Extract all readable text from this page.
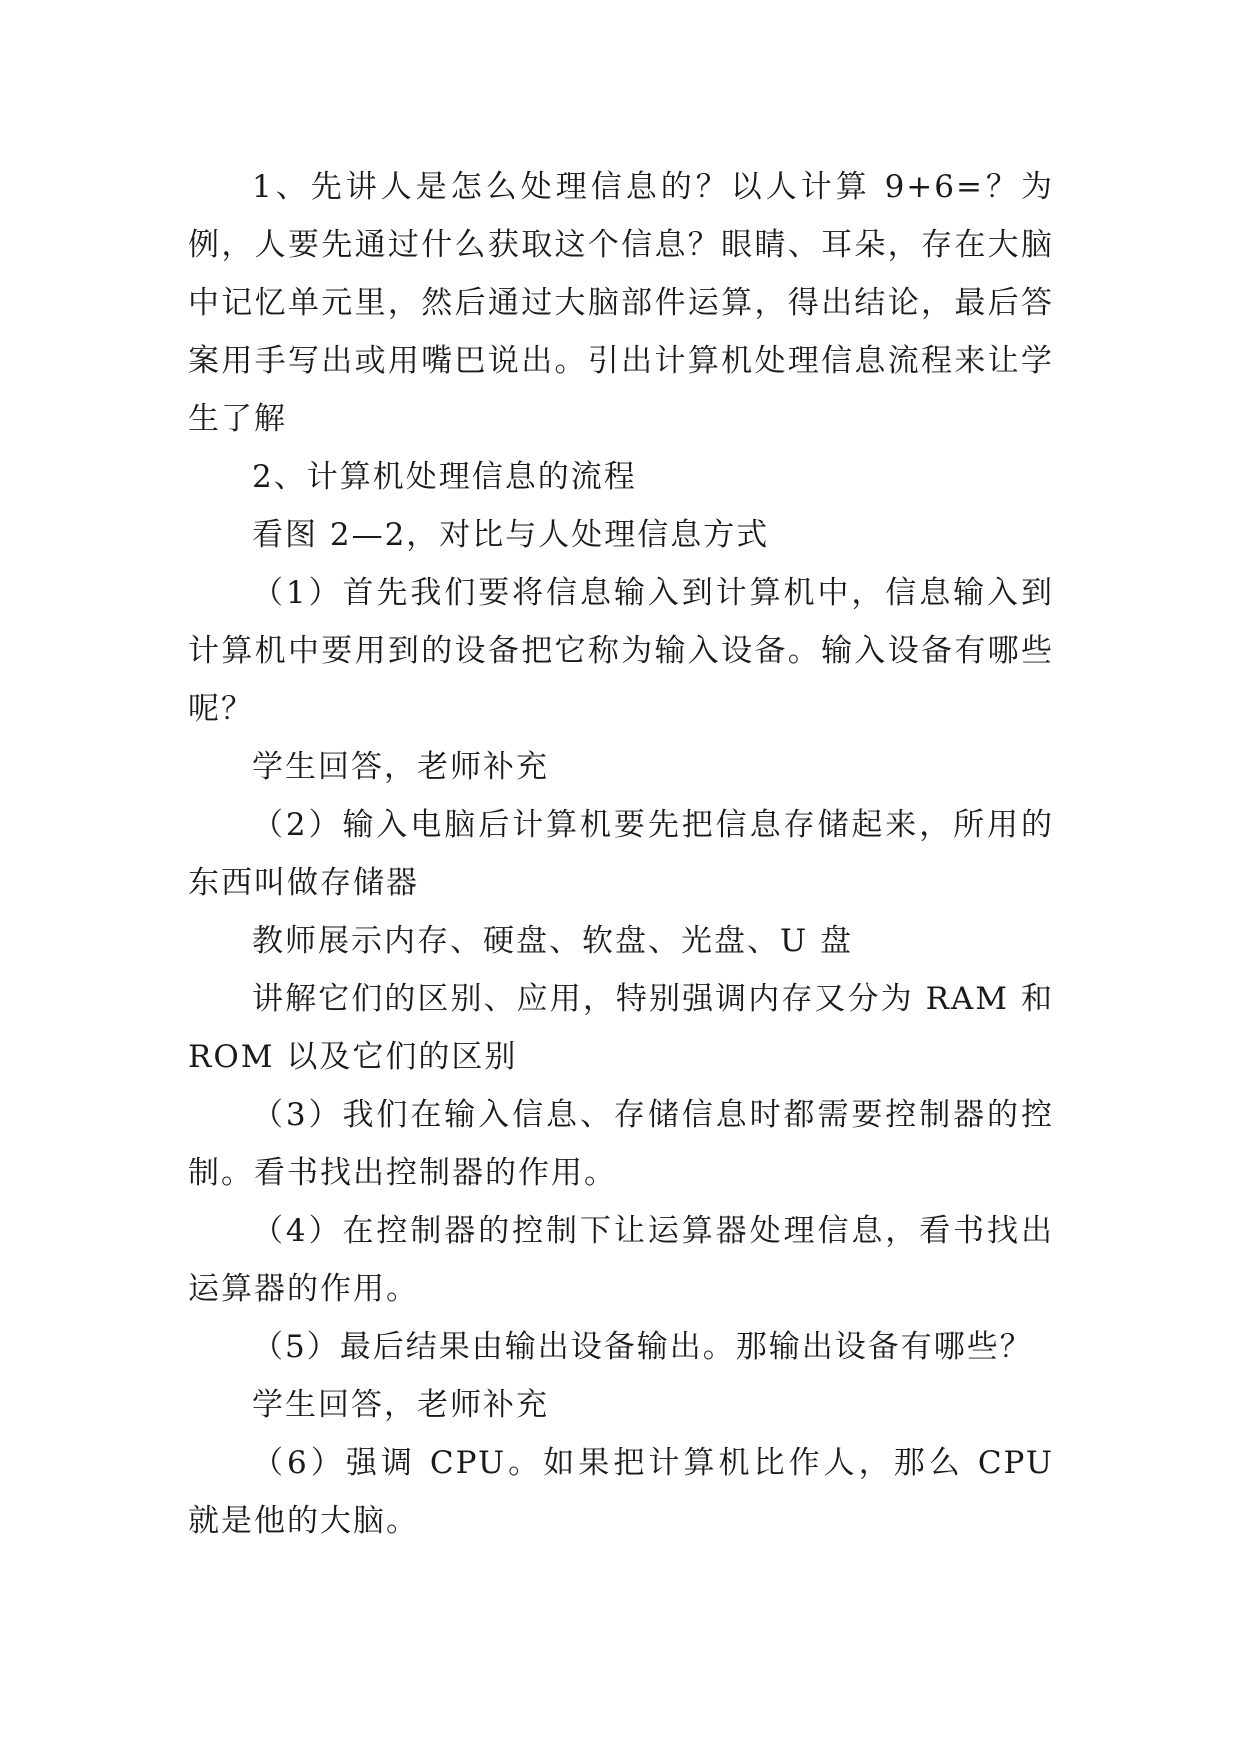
1、先讲人是怎么处理信息的？以人计算 9+6=？为例，人要先通过什么获取这个信息？眼睛、耳朵，存在大脑中记忆单元里，然后通过大脑部件运算，得出结论，最后答案用手写出或用嘴巴说出。引出计算机处理信息流程来让学生了解

2、计算机处理信息的流程

看图 2—2，对比与人处理信息方式

（1）首先我们要将信息输入到计算机中，信息输入到计算机中要用到的设备把它称为输入设备。输入设备有哪些呢？

学生回答，老师补充

（2）输入电脑后计算机要先把信息存储起来，所用的东西叫做存储器

教师展示内存、硬盘、软盘、光盘、U 盘

讲解它们的区别、应用，特别强调内存又分为 RAM 和 ROM 以及它们的区别

（3）我们在输入信息、存储信息时都需要控制器的控制。看书找出控制器的作用。

（4）在控制器的控制下让运算器处理信息，看书找出运算器的作用。

（5）最后结果由输出设备输出。那输出设备有哪些？

学生回答，老师补充

（6）强调 CPU。如果把计算机比作人，那么 CPU 就是他的大脑。
